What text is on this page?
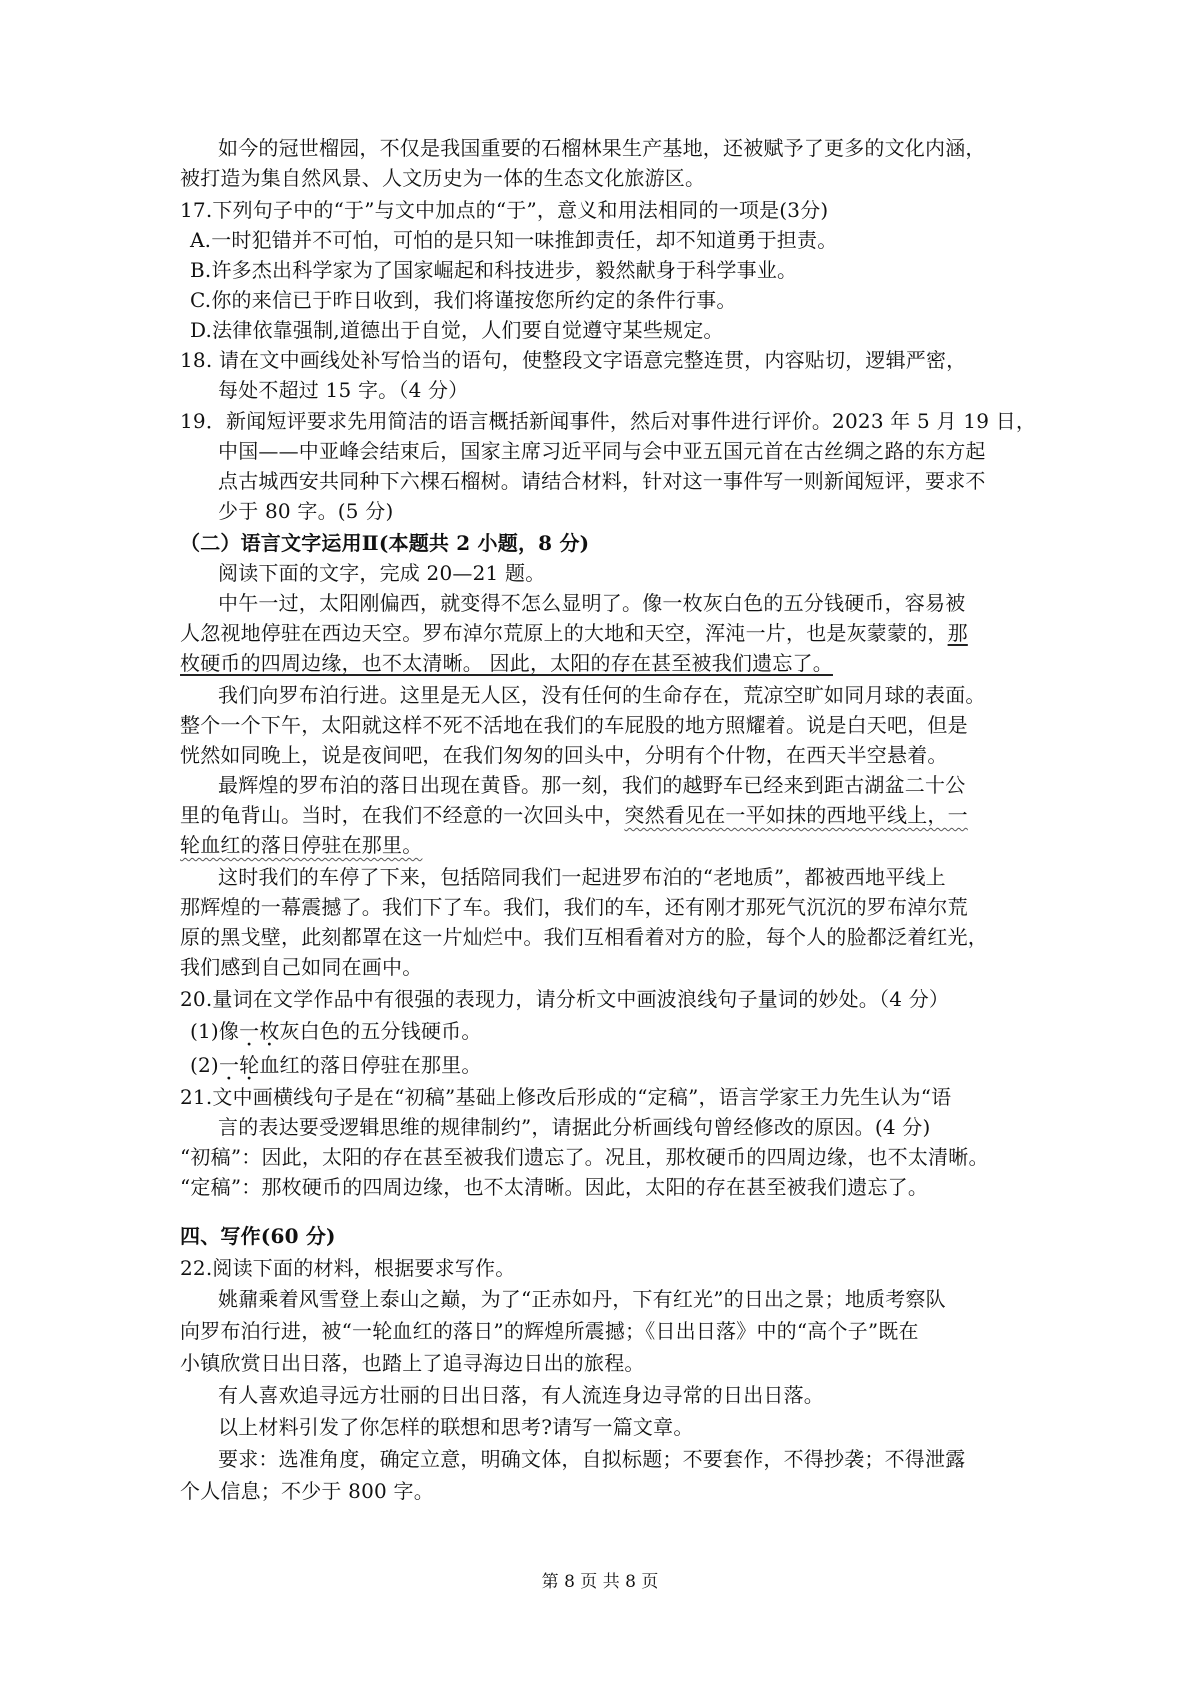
如今的冠世榴园，不仅是我国重要的石榴林果生产基地，还被赋予了更多的文化内涵，
被打造为集自然风景、人文历史为一体的生态文化旅游区。
17.下列句子中的“于”与文中加点的“于”，意义和用法相同的一项是(3分)
A.一时犯错并不可怕，可怕的是只知一味推卸责任，却不知道勇于担责。
B.许多杰出科学家为了国家崛起和科技进步，毅然献身于科学事业。
C.你的来信已于昨日收到，我们将谨按您所约定的条件行事。
D.法律依靠强制,道德出于自觉，人们要自觉遵守某些规定。
18. 请在文中画线处补写恰当的语句，使整段文字语意完整连贯，内容贴切，逻辑严密，
每处不超过 15 字。（4 分）
19．新闻短评要求先用简洁的语言概括新闻事件，然后对事件进行评价。2023 年 5 月 19 日，
中国——中亚峰会结束后，国家主席习近平同与会中亚五国元首在古丝绸之路的东方起
点古城西安共同种下六棵石榴树。请结合材料，针对这一事件写一则新闻短评，要求不
少于 80 字。(5 分)
（二）语言文字运用Ⅱ(本题共 2 小题，8 分)
阅读下面的文字，完成 20—21 题。
中午一过，太阳刚偏西，就变得不怎么显明了。像一枚灰白色的五分钱硬币，容易被
人忽视地停驻在西边天空。罗布淖尔荒原上的大地和天空，浑沌一片，也是灰蒙蒙的，那
枚硬币的四周边缘，也不太清晰。 因此，太阳的存在甚至被我们遗忘了。
我们向罗布泊行进。这里是无人区，没有任何的生命存在，荒凉空旷如同月球的表面。
整个一个下午，太阳就这样不死不活地在我们的车屁股的地方照耀着。说是白天吧，但是
恍然如同晚上，说是夜间吧，在我们匆匆的回头中，分明有个什物，在西天半空悬着。
最辉煌的罗布泊的落日出现在黄昏。那一刻，我们的越野车已经来到距古湖盆二十公
里的龟背山。当时，在我们不经意的一次回头中，突然看见在一平如抹的西地平线上，一
轮血红的落日停驻在那里。
这时我们的车停了下来，包括陪同我们一起进罗布泊的“老地质”，都被西地平线上
那辉煌的一幕震撼了。我们下了车。我们，我们的车，还有刚才那死气沉沉的罗布淖尔荒
原的黑戈壁，此刻都罩在这一片灿烂中。我们互相看着对方的脸，每个人的脸都泛着红光，
我们感到自己如同在画中。
20.量词在文学作品中有很强的表现力，请分析文中画波浪线句子量词的妙处。（4 分）
(1)像一枚灰白色的五分钱硬币。
(2)一轮血红的落日停驻在那里。
21.文中画横线句子是在“初稿”基础上修改后形成的“定稿”，语言学家王力先生认为“语
言的表达要受逻辑思维的规律制约”，请据此分析画线句曾经修改的原因。(4 分)
“初稿”：因此，太阳的存在甚至被我们遗忘了。况且，那枚硬币的四周边缘，也不太清晰。
“定稿”：那枚硬币的四周边缘，也不太清晰。因此，太阳的存在甚至被我们遗忘了。
四、写作(60 分)
22.阅读下面的材料，根据要求写作。
姚鼐乘着风雪登上泰山之巅，为了“正赤如丹，下有红光”的日出之景；地质考察队
向罗布泊行进，被“一轮血红的落日”的辉煌所震撼；《日出日落》中的“高个子”既在
小镇欣赏日出日落，也踏上了追寻海边日出的旅程。
有人喜欢追寻远方壮丽的日出日落，有人流连身边寻常的日出日落。
以上材料引发了你怎样的联想和思考?请写一篇文章。
要求：选准角度，确定立意，明确文体，自拟标题；不要套作，不得抄袭；不得泄露
个人信息；不少于 800 字。
第 8 页 共 8 页
